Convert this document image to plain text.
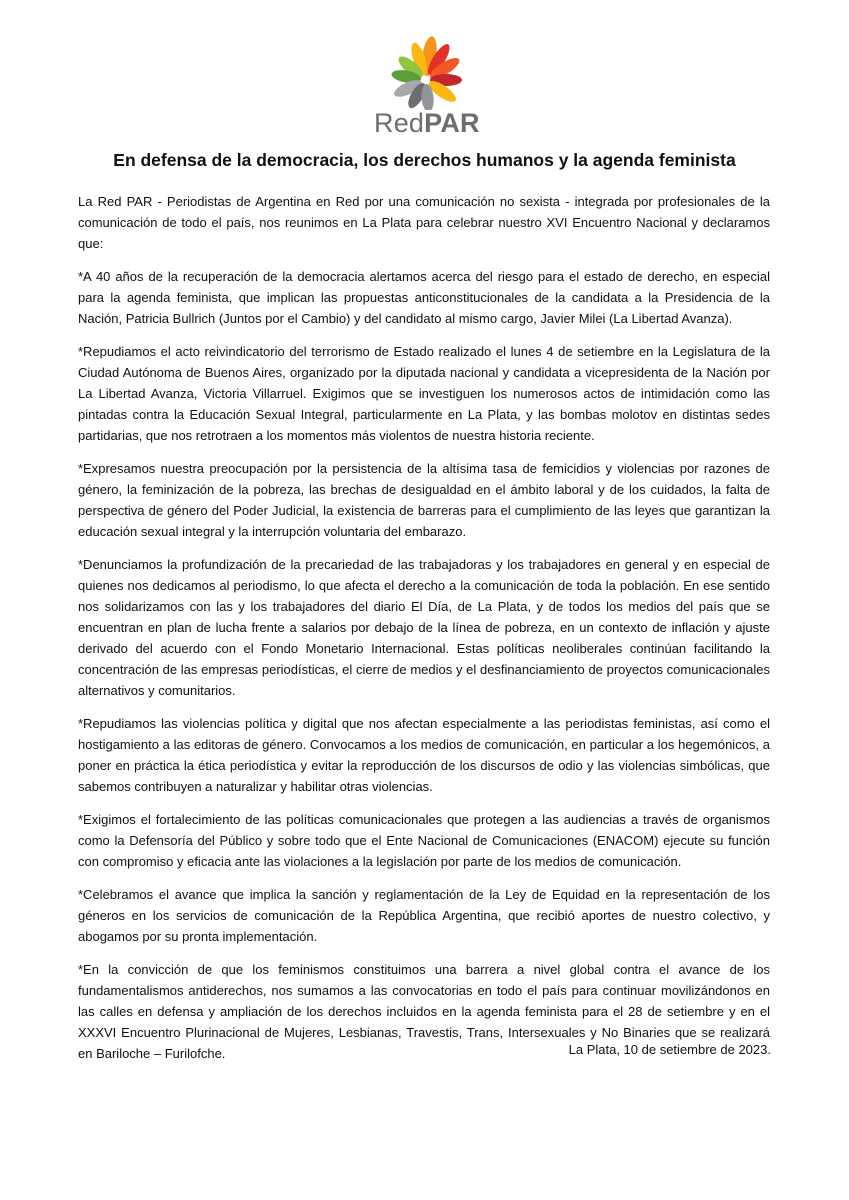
RedPAR
En defensa de la democracia, los derechos humanos y la agenda feminista

La Red PAR - Periodistas de Argentina en Red por una comunicación no sexista - integrada por profesionales de la comunicación de todo el país, nos reunimos en La Plata para celebrar nuestro XVI Encuentro Nacional y declaramos que:

*A 40 años de la recuperación de la democracia alertamos acerca del riesgo para el estado de derecho, en especial para la agenda feminista, que implican las propuestas anticonstitucionales de la candidata a la Presidencia de la Nación, Patricia Bullrich (Juntos por el Cambio) y del candidato al mismo cargo, Javier Milei (La Libertad Avanza).

*Repudiamos el acto reivindicatorio del terrorismo de Estado realizado el lunes 4 de setiembre en la Legislatura de la Ciudad Autónoma de Buenos Aires, organizado por la diputada nacional y candidata a vicepresidenta de la Nación por La Libertad Avanza, Victoria Villarruel. Exigimos que se investiguen los numerosos actos de intimidación como las pintadas contra la Educación Sexual Integral, particularmente en La Plata, y las bombas molotov en distintas sedes partidarias, que nos retrotraen a los momentos más violentos de nuestra historia reciente.

*Expresamos nuestra preocupación por la persistencia de la altísima tasa de femicidios y violencias por razones de género, la feminización de la pobreza, las brechas de desigualdad en el ámbito laboral y de los cuidados, la falta de perspectiva de género del Poder Judicial, la existencia de barreras para el cumplimiento de las leyes que garantizan la educación sexual integral y la interrupción voluntaria del embarazo.

*Denunciamos la profundización de la precariedad de las trabajadoras y los trabajadores en general y en especial de quienes nos dedicamos al periodismo, lo que afecta el derecho a la comunicación de toda la población. En ese sentido nos solidarizamos con las y los trabajadores del diario El Día, de La Plata, y de todos los medios del país que se encuentran en plan de lucha frente a salarios por debajo de la línea de pobreza, en un contexto de inflación y ajuste derivado del acuerdo con el Fondo Monetario Internacional. Estas políticas neoliberales continúan facilitando la concentración de las empresas periodísticas, el cierre de medios y el desfinanciamiento de proyectos comunicacionales alternativos y comunitarios.

*Repudiamos las violencias política y digital que nos afectan especialmente a las periodistas feministas, así como el hostigamiento a las editoras de género. Convocamos a los medios de comunicación, en particular a los hegemónicos, a poner en práctica la ética periodística y evitar la reproducción de los discursos de odio y las violencias simbólicas, que sabemos contribuyen a naturalizar y habilitar otras violencias.

*Exigimos el fortalecimiento de las políticas comunicacionales que protegen a las audiencias a través de organismos como la Defensoría del Público y sobre todo que el Ente Nacional de Comunicaciones (ENACOM) ejecute su función con compromiso y eficacia ante las violaciones a la legislación por parte de los medios de comunicación.

*Celebramos el avance que implica la sanción y reglamentación de la Ley de Equidad en la representación de los géneros en los servicios de comunicación de la República Argentina, que recibió aportes de nuestro colectivo, y abogamos por su pronta implementación.

*En la convicción de que los feminismos constituimos una barrera a nivel global contra el avance de los fundamentalismos antiderechos, nos sumamos a las convocatorias en todo el país para continuar movilizándonos en las calles en defensa y ampliación de los derechos incluidos en la agenda feminista para el 28 de setiembre y en el XXXVI Encuentro Plurinacional de Mujeres, Lesbianas, Travestis, Trans, Intersexuales y No Binaries que se realizará en Bariloche – Furilofche.	La Plata, 10 de setiembre de 2023.
